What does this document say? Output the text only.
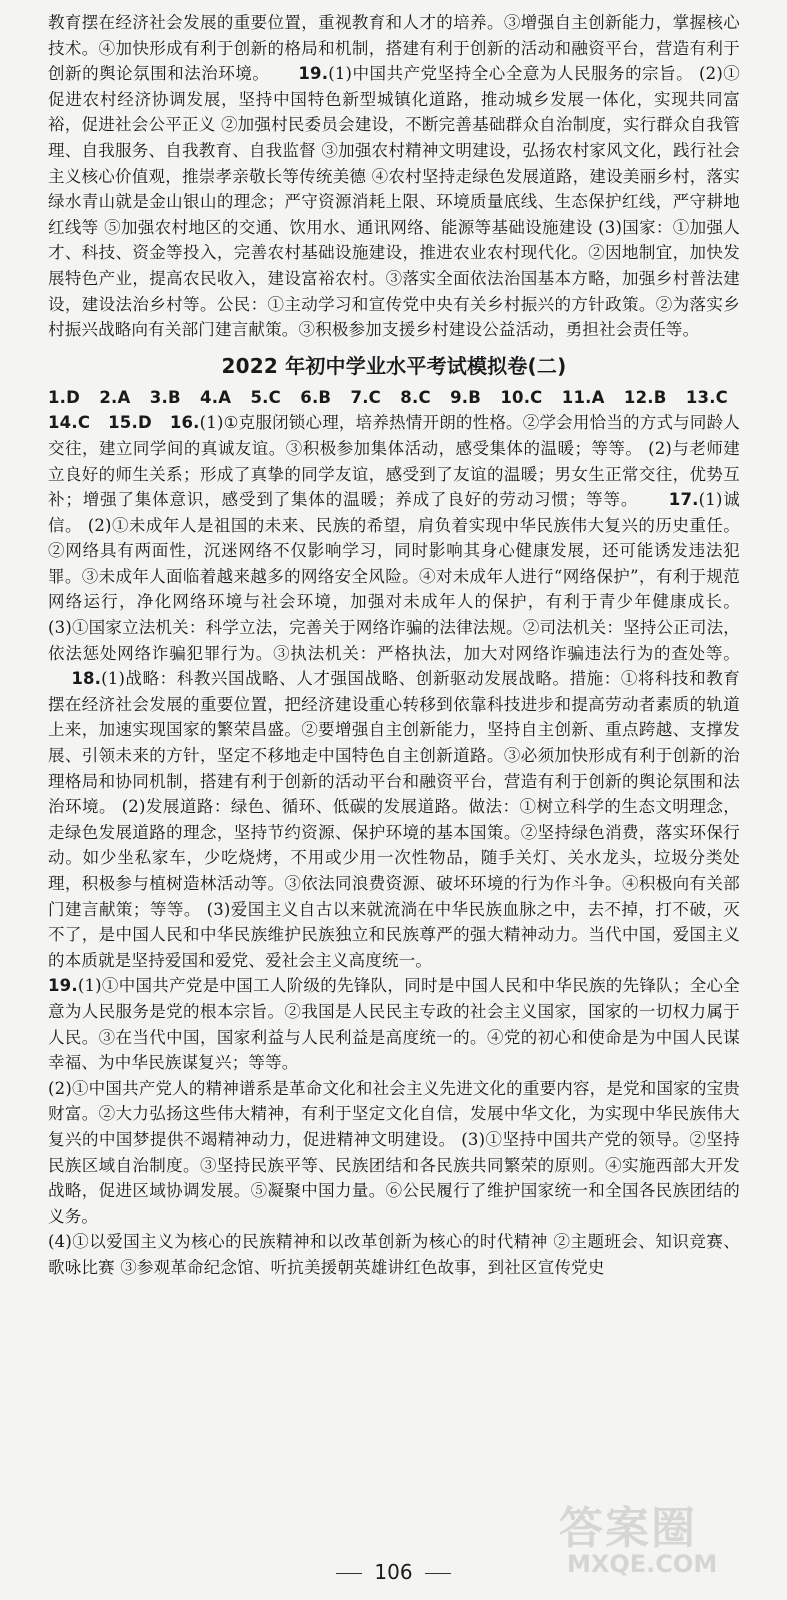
教育摆在经济社会发展的重要位置，重视教育和人才的培养。③增强自主创新能力，掌握核心技术。④加快形成有利于创新的格局和机制，搭建有利于创新的活动和融资平台，营造有利于创新的舆论氛围和法治环境。 19.(1)中国共产党坚持全心全意为人民服务的宗旨。 (2)①促进农村经济协调发展，坚持中国特色新型城镇化道路，推动城乡发展一体化，实现共同富裕，促进社会公平正义 ②加强村民委员会建设，不断完善基础群众自治制度，实行群众自我管理、自我服务、自我教育、自我监督 ③加强农村精神文明建设，弘扬农村家风文化，践行社会主义核心价值观，推崇孝亲敬长等传统美德 ④农村坚持走绿色发展道路，建设美丽乡村，落实绿水青山就是金山银山的理念；严守资源消耗上限、环境质量底线、生态保护红线，严守耕地红线等 ⑤加强农村地区的交通、饮用水、通讯网络、能源等基础设施建设 (3)国家：①加强人才、科技、资金等投入，完善农村基础设施建设，推进农业农村现代化。②因地制宜，加快发展特色产业，提高农民收入，建设富裕农村。③落实全面依法治国基本方略，加强乡村普法建设，建设法治乡村等。公民：①主动学习和宣传党中央有关乡村振兴的方针政策。②为落实乡村振兴战略向有关部门建言献策。③积极参加支援乡村建设公益活动，勇担社会责任等。

2022 年初中学业水平考试模拟卷(二)

1.D 2.A 3.B 4.A 5.C 6.B 7.C 8.C 9.B 10.C 11.A 12.B 13.C 14.C 15.D 16.(1)①克服闭锁心理，培养热情开朗的性格。②学会用恰当的方式与同龄人交往，建立同学间的真诚友谊。③积极参加集体活动，感受集体的温暖；等等。 (2)与老师建立良好的师生关系；形成了真挚的同学友谊，感受到了友谊的温暖；男女生正常交往，优势互补；增强了集体意识，感受到了集体的温暖；养成了良好的劳动习惯；等等。 17.(1)诚信。 (2)①未成年人是祖国的未来、民族的希望，肩负着实现中华民族伟大复兴的历史重任。②网络具有两面性，沉迷网络不仅影响学习，同时影响其身心健康发展，还可能诱发违法犯罪。③未成年人面临着越来越多的网络安全风险。④对未成年人进行“网络保护”，有利于规范网络运行，净化网络环境与社会环境，加强对未成年人的保护，有利于青少年健康成长。 (3)①国家立法机关：科学立法，完善关于网络诈骗的法律法规。②司法机关：坚持公正司法，依法惩处网络诈骗犯罪行为。③执法机关：严格执法，加大对网络诈骗违法行为的查处等。     18.(1)战略：科教兴国战略、人才强国战略、创新驱动发展战略。措施：①将科技和教育摆在经济社会发展的重要位置，把经济建设重心转移到依靠科技进步和提高劳动者素质的轨道上来，加速实现国家的繁荣昌盛。②要增强自主创新能力，坚持自主创新、重点跨越、支撑发展、引领未来的方针，坚定不移地走中国特色自主创新道路。③必须加快形成有利于创新的治理格局和协同机制，搭建有利于创新的活动平台和融资平台，营造有利于创新的舆论氛围和法治环境。 (2)发展道路：绿色、循环、低碳的发展道路。做法：①树立科学的生态文明理念，走绿色发展道路的理念，坚持节约资源、保护环境的基本国策。②坚持绿色消费，落实环保行动。如少坐私家车，少吃烧烤，不用或少用一次性物品，随手关灯、关水龙头，垃圾分类处理，积极参与植树造林活动等。③依法同浪费资源、破坏环境的行为作斗争。④积极向有关部门建言献策；等等。 (3)爱国主义自古以来就流淌在中华民族血脉之中，去不掉，打不破，灭不了，是中国人民和中华民族维护民族独立和民族尊严的强大精神动力。当代中国，爱国主义的本质就是坚持爱国和爱党、爱社会主义高度统一。

19.(1)①中国共产党是中国工人阶级的先锋队，同时是中国人民和中华民族的先锋队；全心全意为人民服务是党的根本宗旨。②我国是人民民主专政的社会主义国家，国家的一切权力属于人民。③在当代中国，国家利益与人民利益是高度统一的。④党的初心和使命是为中国人民谋幸福、为中华民族谋复兴；等等。

(2)①中国共产党人的精神谱系是革命文化和社会主义先进文化的重要内容，是党和国家的宝贵财富。②大力弘扬这些伟大精神，有利于坚定文化自信，发展中华文化，为实现中华民族伟大复兴的中国梦提供不竭精神动力，促进精神文明建设。 (3)①坚持中国共产党的领导。②坚持民族区域自治制度。③坚持民族平等、民族团结和各民族共同繁荣的原则。④实施西部大开发战略，促进区域协调发展。⑤凝聚中国力量。⑥公民履行了维护国家统一和全国各民族团结的义务。

(4)①以爱国主义为核心的民族精神和以改革创新为核心的时代精神 ②主题班会、知识竞赛、歌咏比赛 ③参观革命纪念馆、听抗美援朝英雄讲红色故事，到社区宣传党史

答案圈
MXQE.COM
106
